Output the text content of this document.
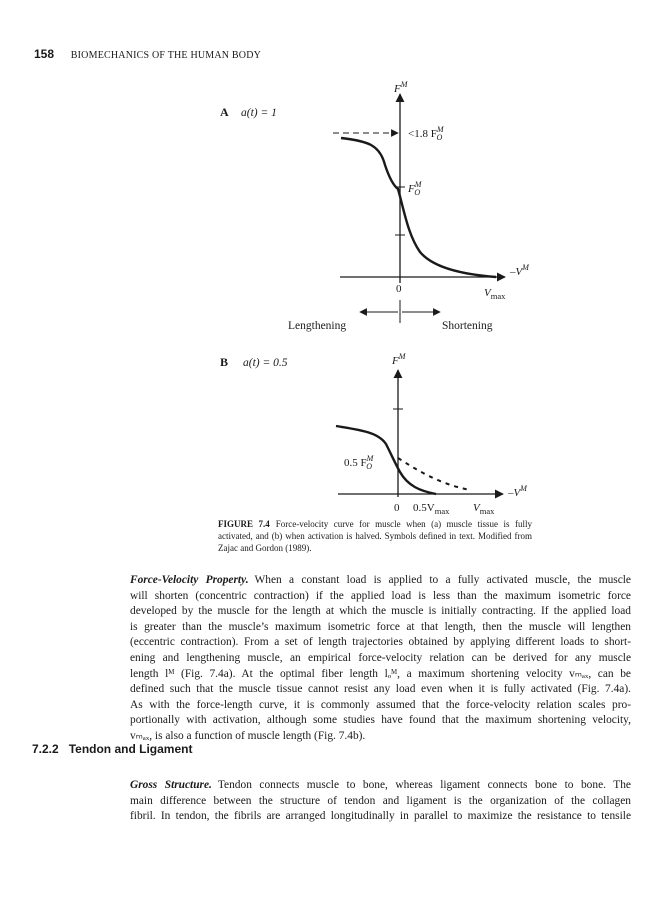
158 BIOMECHANICS OF THE HUMAN BODY
A a(t) = 1
$F^M$
$-V^M$
<1.8 $F^M$ O
$F^M$ O
0	$V_{max}$
Lengthening	Shortening
B a(t) = 0.5	$F^M$
$-V^M$
0.5 $F^M$ O
0 $0.5V_{max}$ $V_{max}$
FIGURE 7.4 Force-velocity curve for muscle when (a) muscle tissue is fully activated, and (b) when activation is halved. Symbols defined in text. Modified from Zajac and Gordon (1989).
Force-Velocity Property. When a constant load is applied to a fully activated muscle, the muscle
will shorten (concentric contraction) if the applied load is less than the maximum isometric force
developed by the muscle for the length at which the muscle is initially contracting. If the applied load
is greater than the muscle’s maximum isometric force at that length, then the muscle will lengthen
(eccentric contraction). From a set of length trajectories obtained by applying different loads to short-
ening and lengthening muscle, an empirical force-velocity relation can be derived for any muscle
length lᴹ (Fig. 7.4a). At the optimal fiber length lₒᴹ, a maximum shortening velocity vₘₐₓ, can be
defined such that the muscle tissue cannot resist any load even when it is fully activated (Fig. 7.4a).
As with the force-length curve, it is commonly assumed that the force-velocity relation scales pro-
portionally with activation, although some studies have found that the maximum shortening velocity,
vₘₐₓ, is also a function of muscle length (Fig. 7.4b).
7.2.2 Tendon and Ligament
Gross Structure. Tendon connects muscle to bone, whereas ligament connects bone to bone. The
main difference between the structure of tendon and ligament is the organization of the collagen
fibril. In tendon, the fibrils are arranged longitudinally in parallel to maximize the resistance to tensile
